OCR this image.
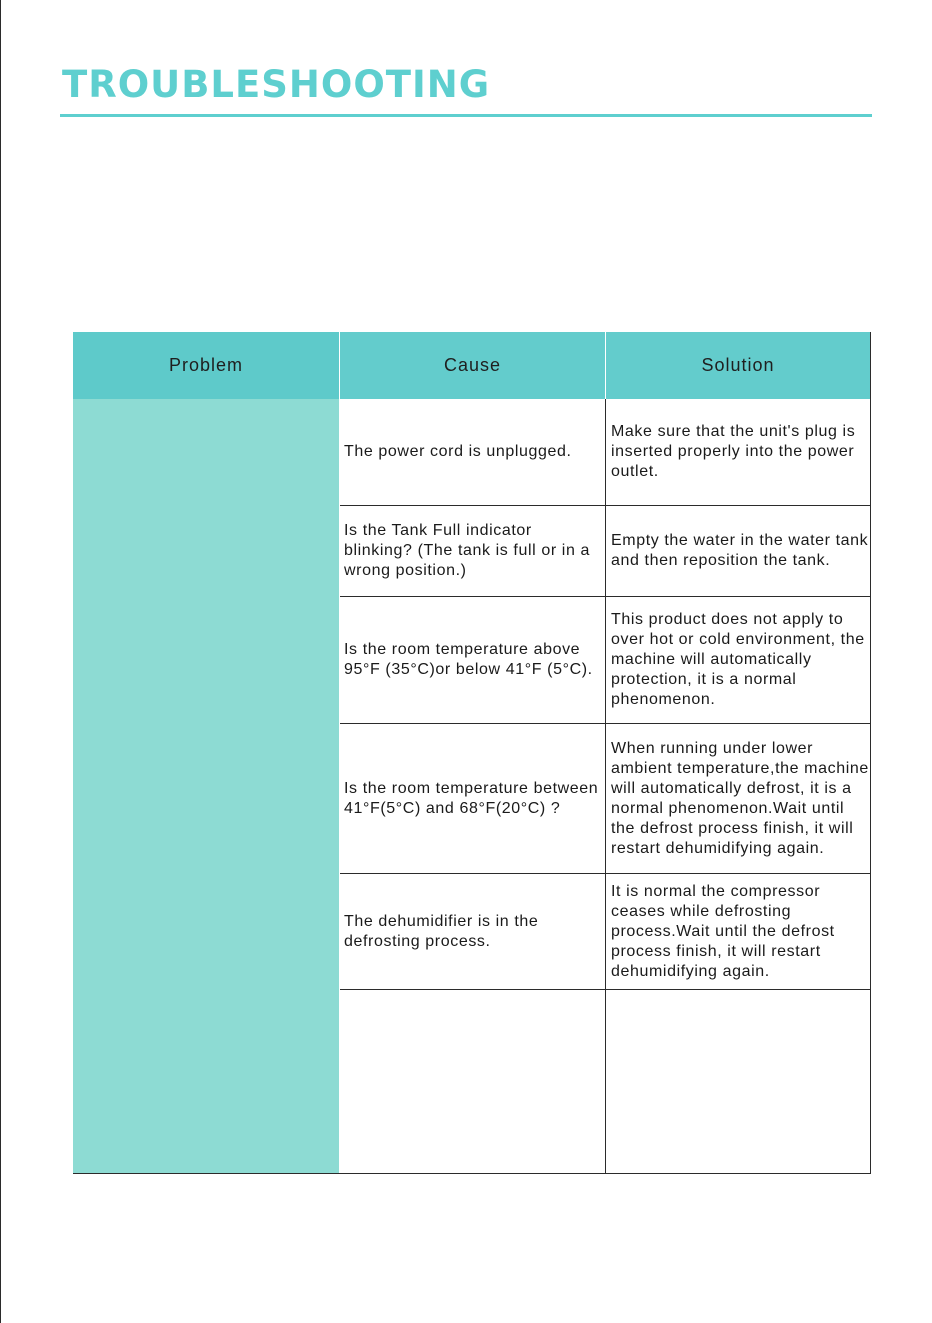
TROUBLESHOOTING
Problem	Cause	Solution
The power cord is unplugged.
Make sure that the unit's plug is inserted properly into the power outlet.
Is the Tank Full indicator blinking? (The tank is full or in a wrong position.)
Empty the water in the water tank and then reposition the tank.
Is the room temperature above 95°F (35°C)or below 41°F (5°C).
This product does not apply to over hot or cold environment, the machine will automatically protection, it is a normal phenomenon.
Is the room temperature between 41°F(5°C) and 68°F(20°C) ?
When running under lower ambient temperature,the machine will automatically defrost, it is a normal phenomenon.Wait until the defrost process finish, it will restart dehumidifying again.
The dehumidifier is in the defrosting process.
It is normal the compressor ceases while defrosting process.Wait until the defrost process finish, it will restart dehumidifying again.
